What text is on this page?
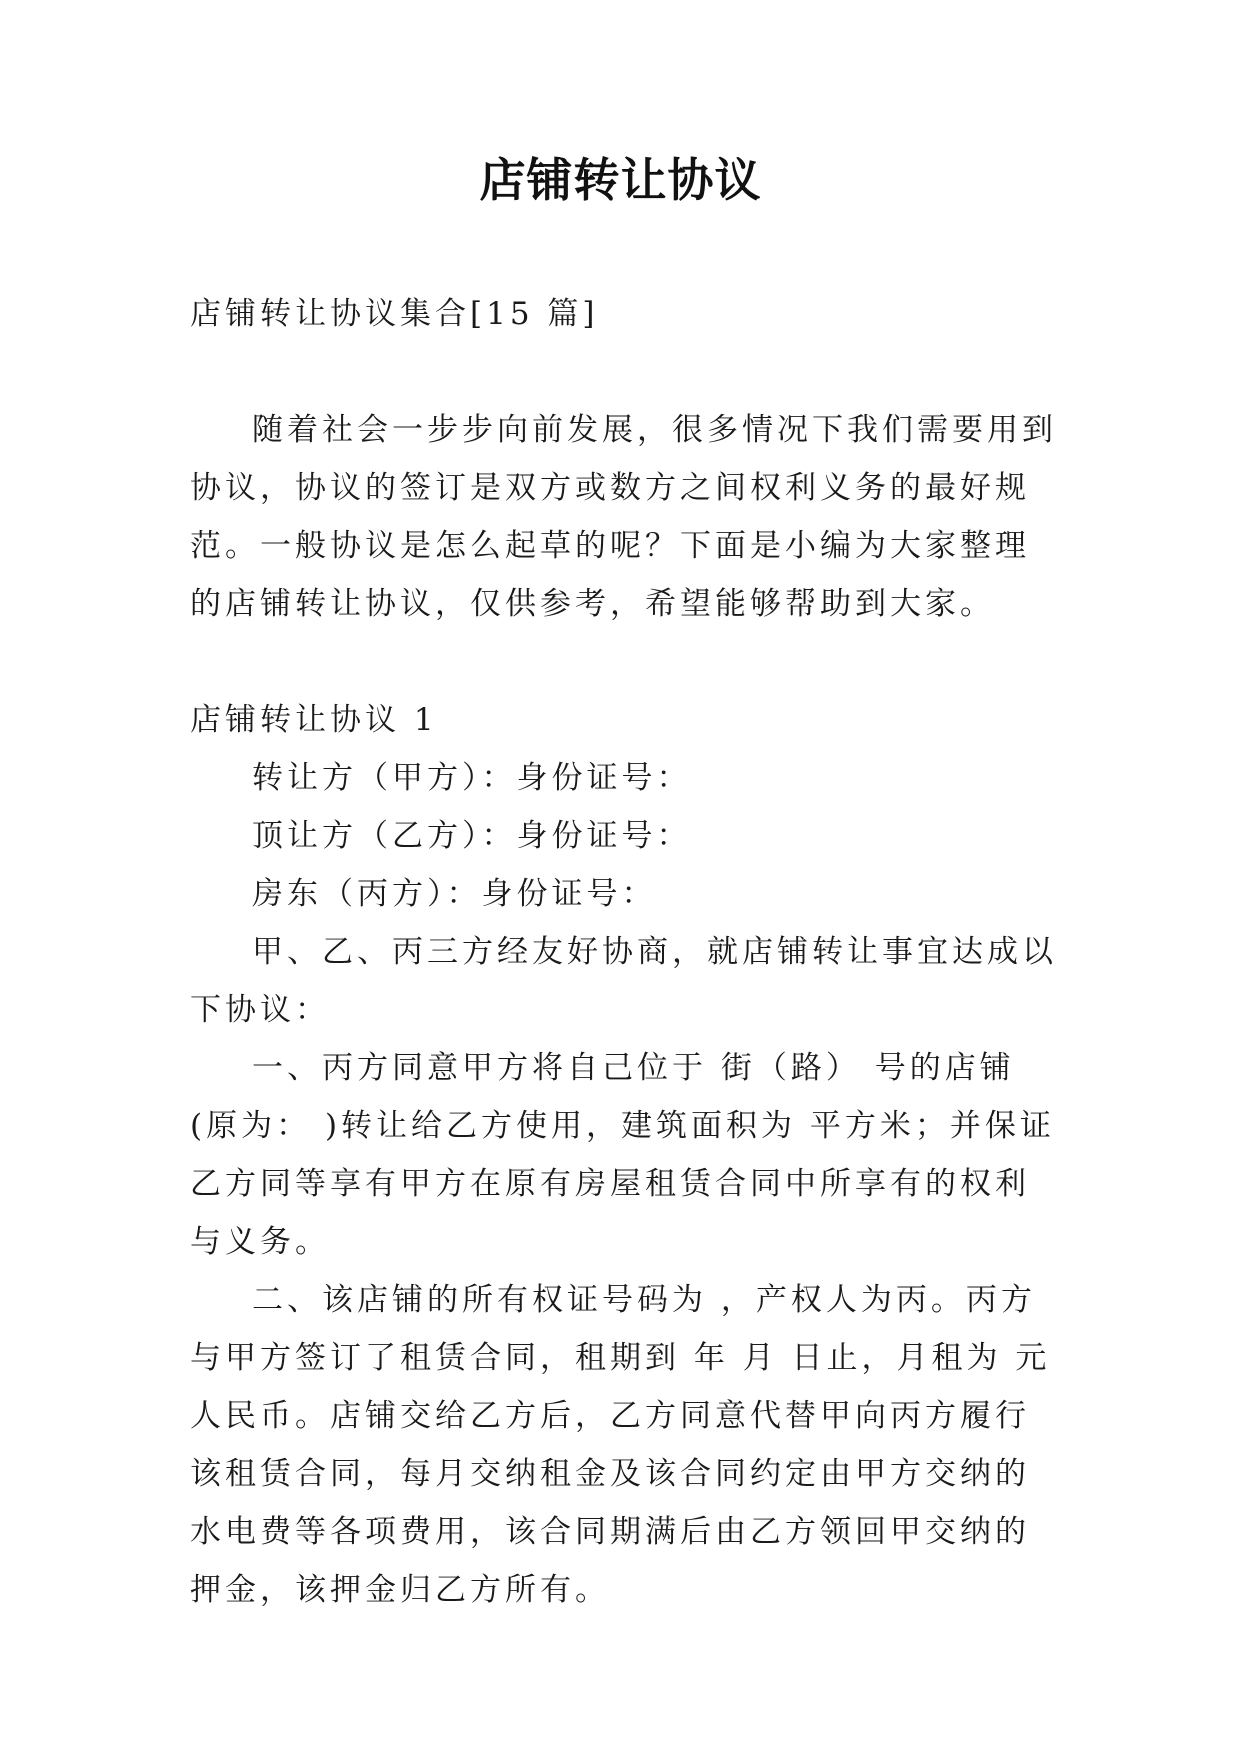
店铺转让协议

店铺转让协议集合[15 篇]

随着社会一步步向前发展，很多情况下我们需要用到协议，协议的签订是双方或数方之间权利义务的最好规范。一般协议是怎么起草的呢？下面是小编为大家整理的店铺转让协议，仅供参考，希望能够帮助到大家。

店铺转让协议 1

转让方（甲方）：身份证号：

顶让方（乙方）：身份证号：

房东（丙方）：身份证号：

甲、乙、丙三方经友好协商，就店铺转让事宜达成以下协议：

一、丙方同意甲方将自己位于 街（路） 号的店铺(原为： )转让给乙方使用，建筑面积为 平方米；并保证乙方同等享有甲方在原有房屋租赁合同中所享有的权利与义务。

二、该店铺的所有权证号码为 ，产权人为丙。丙方与甲方签订了租赁合同，租期到 年 月 日止，月租为 元人民币。店铺交给乙方后，乙方同意代替甲向丙方履行该租赁合同，每月交纳租金及该合同约定由甲方交纳的水电费等各项费用，该合同期满后由乙方领回甲交纳的押金，该押金归乙方所有。
